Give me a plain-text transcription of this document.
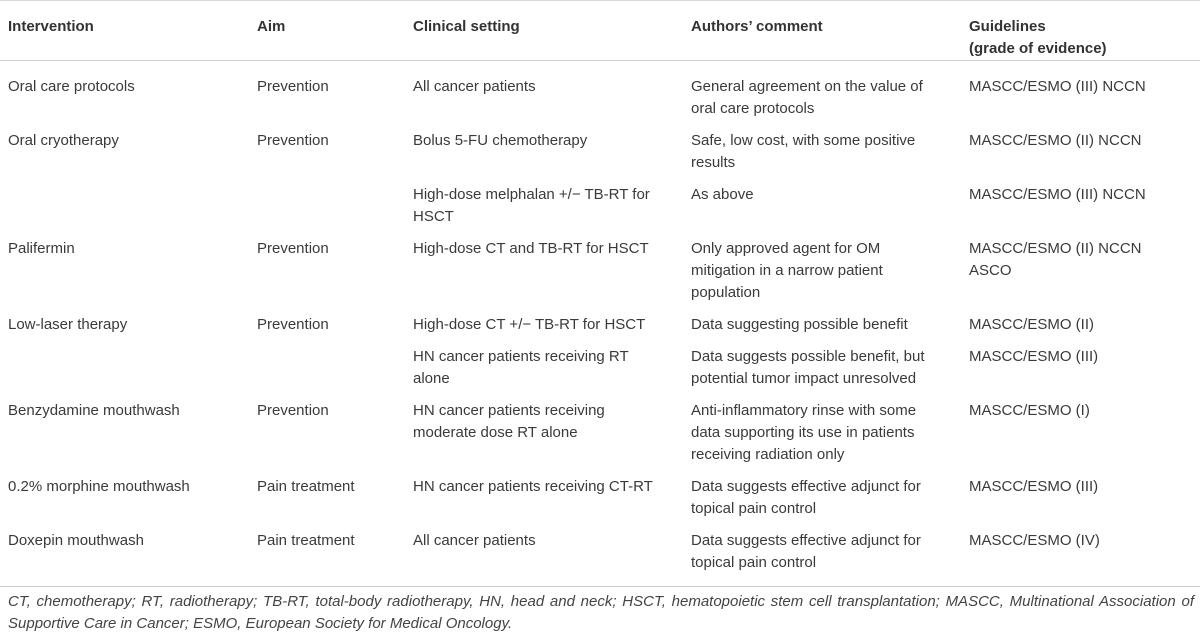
Intervention	Aim	Clinical setting	Authors’ comment	Guidelines
(grade of evidence)

Oral care protocols	Prevention	All cancer patients	General agreement on the value of oral care protocols	MASCC/ESMO (III) NCCN
Oral cryotherapy	Prevention	Bolus 5-FU chemotherapy	Safe, low cost, with some positive results	MASCC/ESMO (II) NCCN
		High-dose melphalan +/− TB-RT for HSCT	As above	MASCC/ESMO (III) NCCN
Palifermin	Prevention	High-dose CT and TB-RT for HSCT	Only approved agent for OM mitigation in a narrow patient population	MASCC/ESMO (II) NCCN ASCO
Low-laser therapy	Prevention	High-dose CT +/− TB-RT for HSCT	Data suggesting possible benefit	MASCC/ESMO (II)
		HN cancer patients receiving RT alone	Data suggests possible benefit, but potential tumor impact unresolved	MASCC/ESMO (III)
Benzydamine mouthwash	Prevention	HN cancer patients receiving moderate dose RT alone	Anti-inflammatory rinse with some data supporting its use in patients receiving radiation only	MASCC/ESMO (I)
0.2% morphine mouthwash	Pain treatment	HN cancer patients receiving CT-RT	Data suggests effective adjunct for topical pain control	MASCC/ESMO (III)
Doxepin mouthwash	Pain treatment	All cancer patients	Data suggests effective adjunct for topical pain control	MASCC/ESMO (IV)
CT, chemotherapy; RT, radiotherapy; TB-RT, total-body radiotherapy, HN, head and neck; HSCT, hematopoietic stem cell transplantation; MASCC, Multinational Association of Supportive Care in Cancer; ESMO, European Society for Medical Oncology.
